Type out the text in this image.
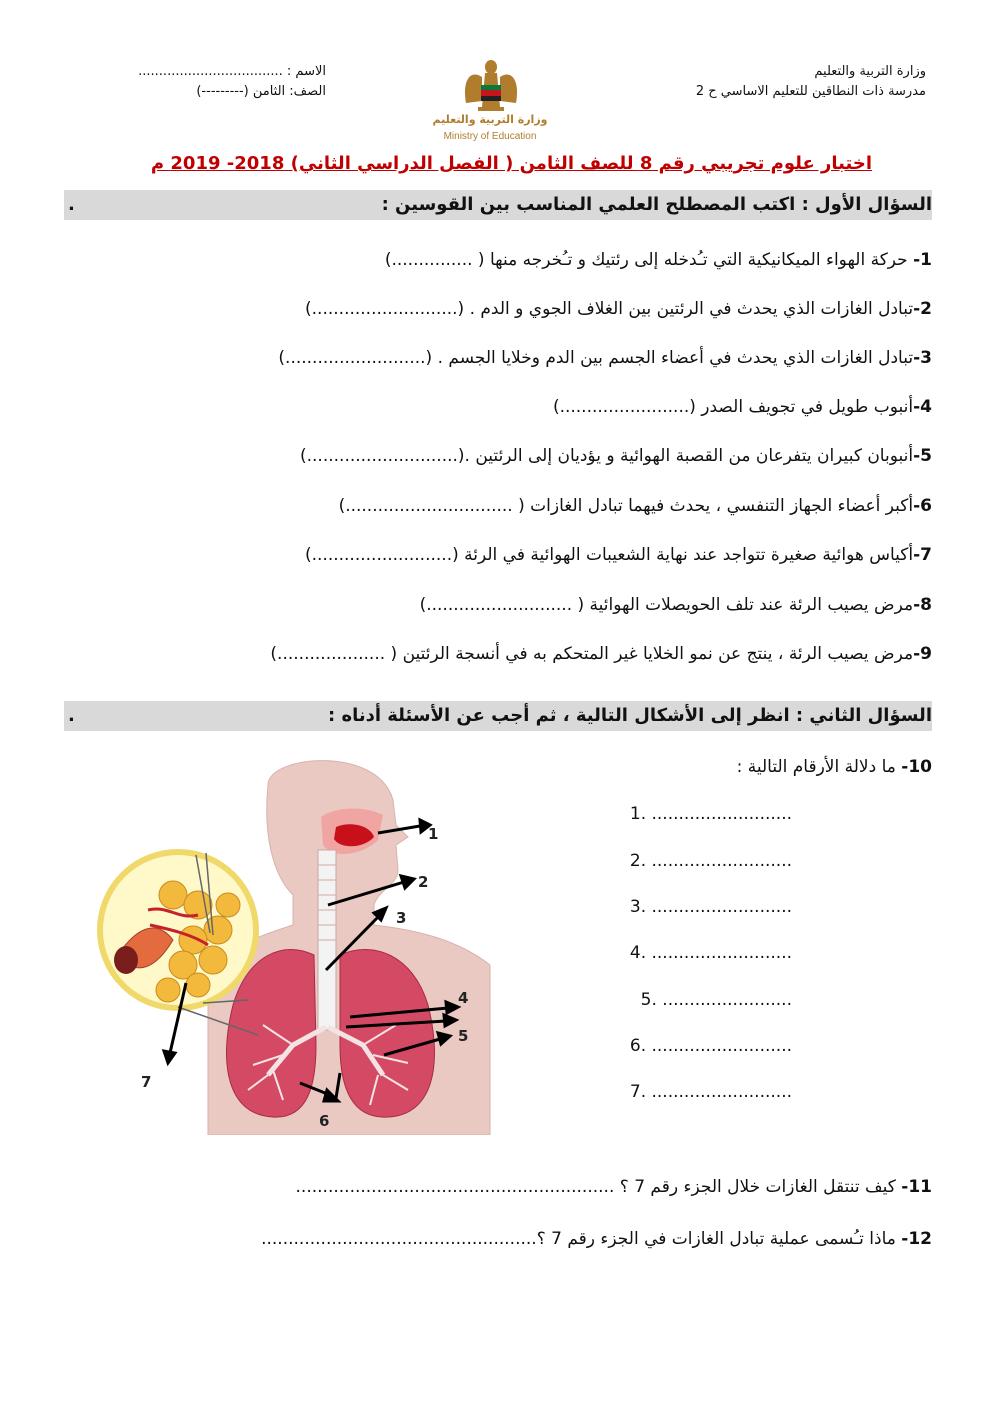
وزارة التربية والتعليم
مدرسة ذات النطاقين للتعليم الاساسي ح 2
الاسم : ...................................
الصف: الثامن (---------)
وزارة التربية والتعليم
Ministry of Education
اختبار علوم تجريبي رقم 8 للصف الثامن ( الفصل الدراسي الثاني) 2018- 2019 م
السؤال الأول : اكتب المصطلح العلمي المناسب بين القوسين :
.
1- حركة الهواء الميكانيكية التي تـُدخله إلى رئتيك و تـُخرجه منها ( ...............)
2-تبادل الغازات الذي يحدث في الرئتين بين الغلاف الجوي و الدم . (...........................)
3-تبادل الغازات الذي يحدث في أعضاء الجسم بين الدم وخلايا الجسم . (..........................)
4-أنبوب طويل في تجويف الصدر (........................)
5-أنبوبان كبيران يتفرعان من القصبة الهوائية و يؤديان إلى الرئتين .(............................)
6-أكبر أعضاء الجهاز التنفسي ، يحدث فيهما تبادل الغازات ( ...............................)
7-أكياس هوائية صغيرة تتواجد عند نهاية الشعيبات الهوائية في الرئة (..........................)
8-مرض يصيب الرئة عند تلف الحويصلات الهوائية ( ...........................)
9-مرض يصيب الرئة ، ينتج عن نمو الخلايا غير المتحكم به في أنسجة الرئتين ( ....................)
السؤال الثاني : انظر إلى الأشكال التالية ، ثم أجب عن الأسئلة أدناه :
.
10- ما دلالة الأرقام التالية :
1. ..........................
2. ..........................
3. ..........................
4. ..........................
5. ........................
6. ..........................
7. ..........................
1
2
3
4
5
6
7
11- كيف تنتقل الغازات خلال الجزء رقم 7 ؟ ...........................................................
12- ماذا تـُسمى عملية تبادل الغازات في الجزء رقم 7 ؟...................................................
